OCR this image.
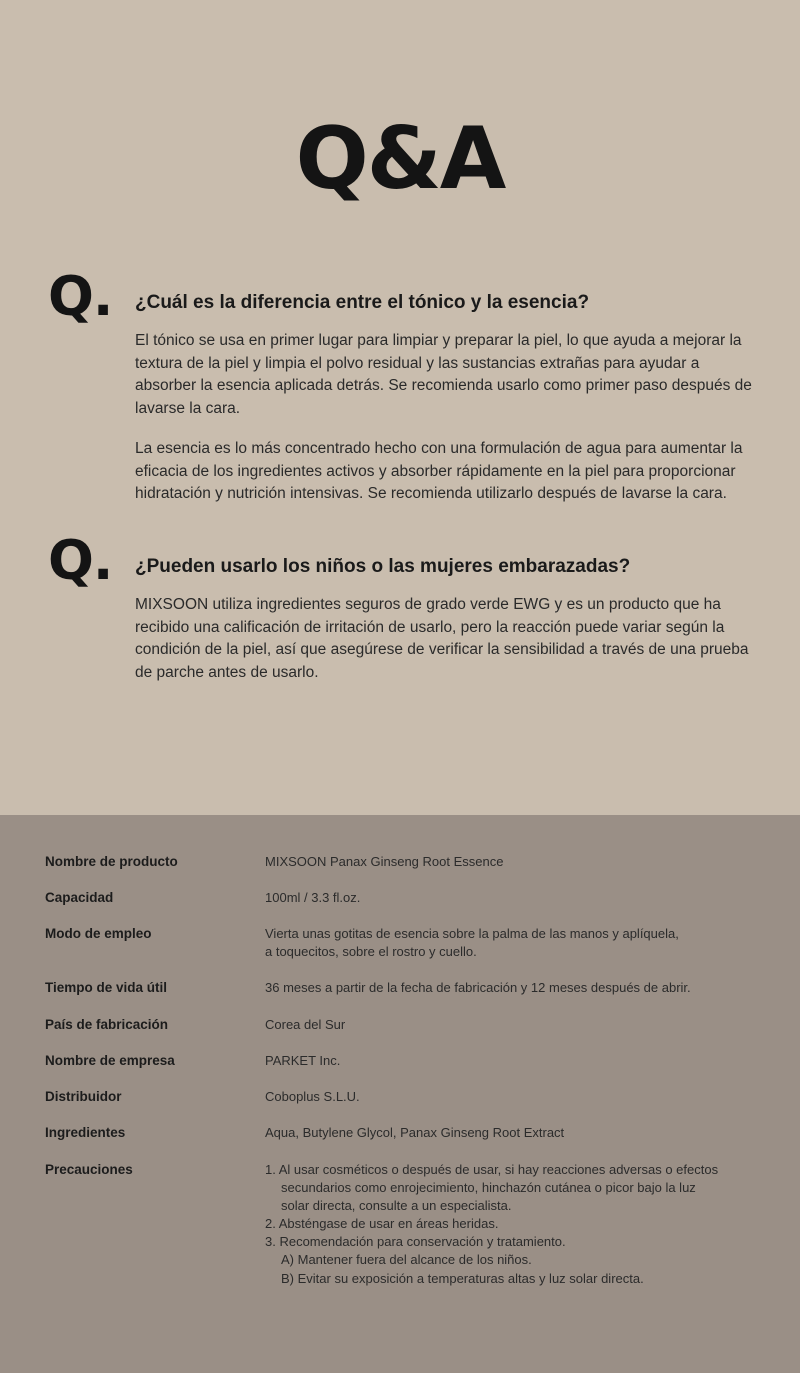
Q&A
Q. ¿Cuál es la diferencia entre el tónico y la esencia?

El tónico se usa en primer lugar para limpiar y preparar la piel, lo que ayuda a mejorar la textura de la piel y limpia el polvo residual y las sustancias extrañas para ayudar a absorber la esencia aplicada detrás. Se recomienda usarlo como primer paso después de lavarse la cara.

La esencia es lo más concentrado hecho con una formulación de agua para aumentar la eficacia de los ingredientes activos y absorber rápidamente en la piel para proporcionar hidratación y nutrición intensivas. Se recomienda utilizarlo después de lavarse la cara.

Q. ¿Pueden usarlo los niños o las mujeres embarazadas?

MIXSOON utiliza ingredientes seguros de grado verde EWG y es un producto que ha recibido una calificación de irritación de usarlo, pero la reacción puede variar según la condición de la piel, así que asegúrese de verificar la sensibilidad a través de una prueba de parche antes de usarlo.

Nombre de producto	MIXSOON Panax Ginseng Root Essence
Capacidad	100ml / 3.3 fl.oz.
Modo de empleo	Vierta unas gotitas de esencia sobre la palma de las manos y aplíquela,
a toquecitos, sobre el rostro y cuello.
Tiempo de vida útil	36 meses a partir de la fecha de fabricación y 12 meses después de abrir.
País de fabricación	Corea del Sur
Nombre de empresa	PARKET Inc.
Distribuidor	Coboplus S.L.U.
Ingredientes	Aqua, Butylene Glycol, Panax Ginseng Root Extract
Precauciones	1. Al usar cosméticos o después de usar, si hay reacciones adversas o efectos
secundarios como enrojecimiento, hinchazón cutánea o picor bajo la luz
solar directa, consulte a un especialista.
2. Absténgase de usar en áreas heridas.
3. Recomendación para conservación y tratamiento.
A) Mantener fuera del alcance de los niños.
B) Evitar su exposición a temperaturas altas y luz solar directa.
